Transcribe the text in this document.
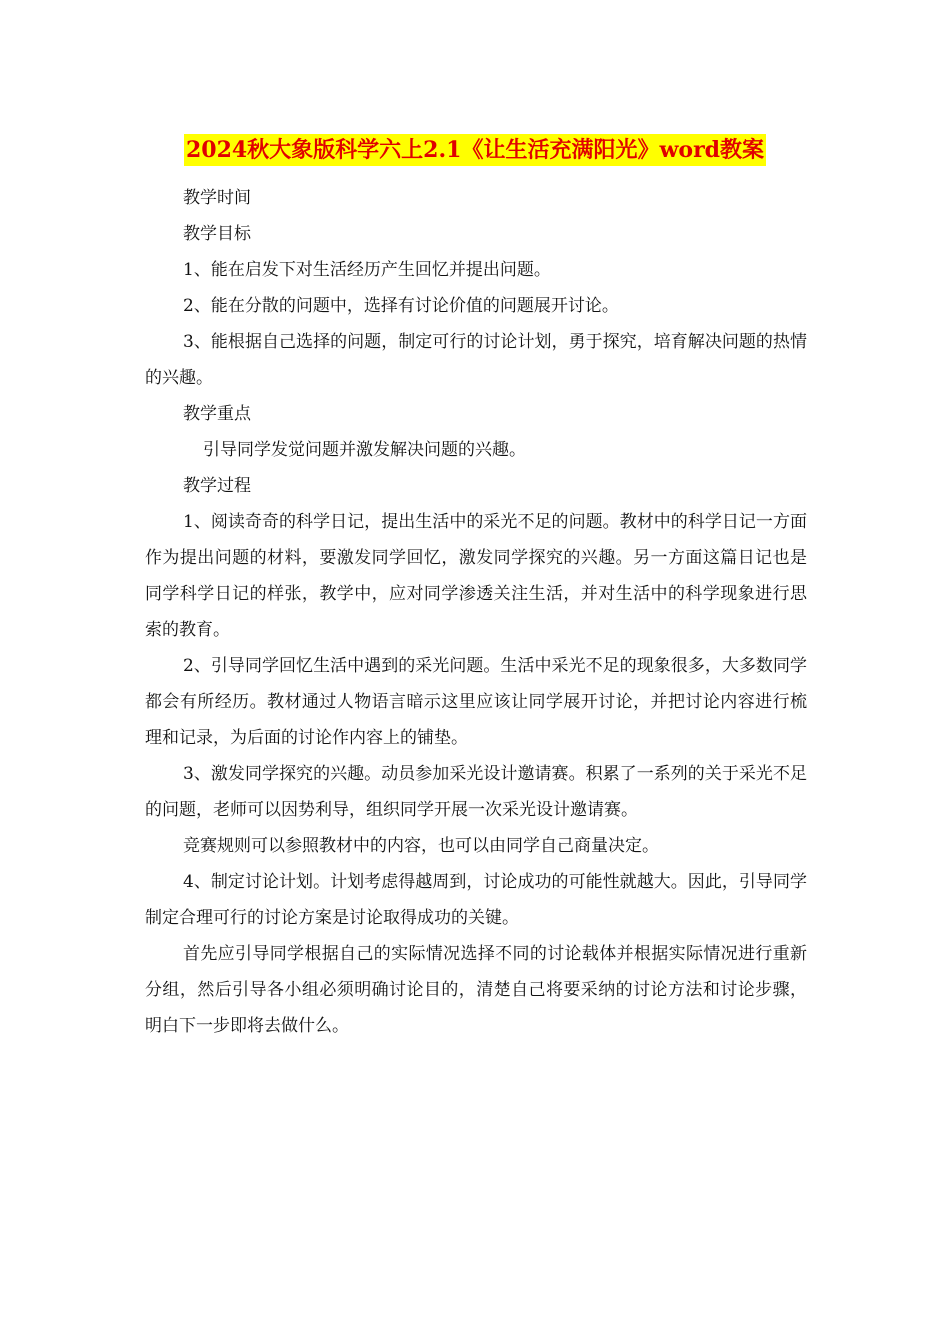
2024秋大象版科学六上2.1《让生活充满阳光》word教案

教学时间

教学目标

1、能在启发下对生活经历产生回忆并提出问题。

2、能在分散的问题中，选择有讨论价值的问题展开讨论。

3、能根据自己选择的问题，制定可行的讨论计划，勇于探究，培育解决问题的热情的兴趣。

教学重点

引导同学发觉问题并激发解决问题的兴趣。

教学过程

1、阅读奇奇的科学日记，提出生活中的采光不足的问题。教材中的科学日记一方面作为提出问题的材料，要激发同学回忆，激发同学探究的兴趣。另一方面这篇日记也是同学科学日记的样张，教学中，应对同学渗透关注生活，并对生活中的科学现象进行思索的教育。

2、引导同学回忆生活中遇到的采光问题。生活中采光不足的现象很多，大多数同学都会有所经历。教材通过人物语言暗示这里应该让同学展开讨论，并把讨论内容进行梳理和记录，为后面的讨论作内容上的铺垫。

3、激发同学探究的兴趣。动员参加采光设计邀请赛。积累了一系列的关于采光不足的问题，老师可以因势利导，组织同学开展一次采光设计邀请赛。

竞赛规则可以参照教材中的内容，也可以由同学自己商量决定。

4、制定讨论计划。计划考虑得越周到，讨论成功的可能性就越大。因此，引导同学制定合理可行的讨论方案是讨论取得成功的关键。

首先应引导同学根据自己的实际情况选择不同的讨论载体并根据实际情况进行重新分组，然后引导各小组必须明确讨论目的，清楚自己将要采纳的讨论方法和讨论步骤，明白下一步即将去做什么。
